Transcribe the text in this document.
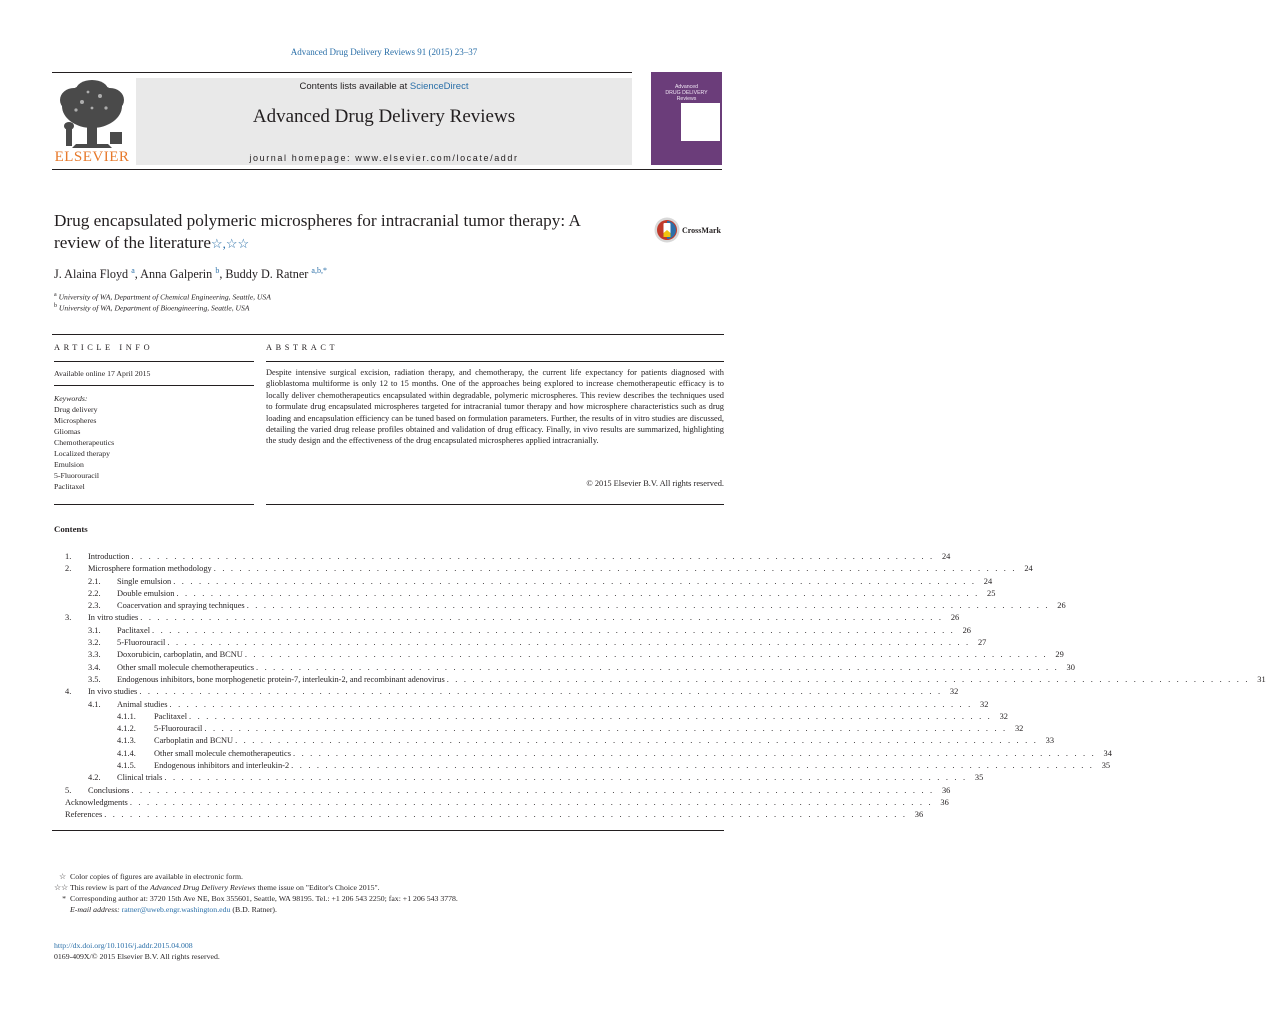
Advanced Drug Delivery Reviews 91 (2015) 23–37
ELSEVIER
Contents lists available at ScienceDirect
Advanced Drug Delivery Reviews
journal homepage: www.elsevier.com/locate/addr
Advanced
DRUG DELIVERY
Reviews
Drug encapsulated polymeric microspheres for intracranial tumor therapy: A review of the literature☆,☆☆
CrossMark
J. Alaina Floyd $^a$, Anna Galperin $^b$, Buddy D. Ratner $^{a,b,*}$
$^a$ University of WA, Department of Chemical Engineering, Seattle, USA
$^b$ University of WA, Department of Bioengineering, Seattle, USA
ARTICLE INFO
Available online 17 April 2015
Keywords:
Drug delivery
Microspheres
Gliomas
Chemotherapeutics
Localized therapy
Emulsion
5-Fluorouracil
Paclitaxel
ABSTRACT
Despite intensive surgical excision, radiation therapy, and chemotherapy, the current life expectancy for patients diagnosed with glioblastoma multiforme is only 12 to 15 months. One of the approaches being explored to increase chemotherapeutic efficacy is to locally deliver chemotherapeutics encapsulated within degradable, polymeric microspheres. This review describes the techniques used to formulate drug encapsulated microspheres targeted for intracranial tumor therapy and how microsphere characteristics such as drug loading and encapsulation efficiency can be tuned based on formulation parameters. Further, the results of in vitro studies are discussed, detailing the varied drug release profiles obtained and validation of drug efficacy. Finally, in vivo results are summarized, highlighting the study design and the effectiveness of the drug encapsulated microspheres applied intracranially.
© 2015 Elsevier B.V. All rights reserved.
Contents
1.	Introduction . . . . . . . . . . . . . . . . . . . . . . . . . . . . . . . . . . . . . . . . . . . . . . . . . . . . . . . . . . . . . . . . . . . . . . . . . . . . . . . . . . . . . . . . . . . . . . 24
2.	Microsphere formation methodology . . . . . . . . . . . . . . . . . . . . . . . . . . . . . . . . . . . . . . . . . . . . . . . . . . . . . . . . . . . . . . . . . . . . . . . . . . . . . . . . . . . . . . . . . . . . . . 24
2.1.	Single emulsion . . . . . . . . . . . . . . . . . . . . . . . . . . . . . . . . . . . . . . . . . . . . . . . . . . . . . . . . . . . . . . . . . . . . . . . . . . . . . . . . . . . . . . . . . . . . . . 24
2.2.	Double emulsion . . . . . . . . . . . . . . . . . . . . . . . . . . . . . . . . . . . . . . . . . . . . . . . . . . . . . . . . . . . . . . . . . . . . . . . . . . . . . . . . . . . . . . . . . . . . . . 25
2.3.	Coacervation and spraying techniques . . . . . . . . . . . . . . . . . . . . . . . . . . . . . . . . . . . . . . . . . . . . . . . . . . . . . . . . . . . . . . . . . . . . . . . . . . . . . . . . . . . . . . . . . . . . . . 26
3.	In vitro studies . . . . . . . . . . . . . . . . . . . . . . . . . . . . . . . . . . . . . . . . . . . . . . . . . . . . . . . . . . . . . . . . . . . . . . . . . . . . . . . . . . . . . . . . . . . . . . 26
3.1.	Paclitaxel . . . . . . . . . . . . . . . . . . . . . . . . . . . . . . . . . . . . . . . . . . . . . . . . . . . . . . . . . . . . . . . . . . . . . . . . . . . . . . . . . . . . . . . . . . . . . . 26
3.2.	5-Fluorouracil . . . . . . . . . . . . . . . . . . . . . . . . . . . . . . . . . . . . . . . . . . . . . . . . . . . . . . . . . . . . . . . . . . . . . . . . . . . . . . . . . . . . . . . . . . . . . . 27
3.3.	Doxorubicin, carboplatin, and BCNU . . . . . . . . . . . . . . . . . . . . . . . . . . . . . . . . . . . . . . . . . . . . . . . . . . . . . . . . . . . . . . . . . . . . . . . . . . . . . . . . . . . . . . . . . . . . . . 29
3.4.	Other small molecule chemotherapeutics . . . . . . . . . . . . . . . . . . . . . . . . . . . . . . . . . . . . . . . . . . . . . . . . . . . . . . . . . . . . . . . . . . . . . . . . . . . . . . . . . . . . . . . . . . . . . . 30
3.5.	Endogenous inhibitors, bone morphogenetic protein-7, interleukin-2, and recombinant adenovirus . . . . . . . . . . . . . . . . . . . . . . . . . . . . . . . . . . . . . . . . . . . . . . . . . . . . . . . . . . . . . . . . . . . . . . . . . . . . . . . . . . . . . . . . . . . . . . 31
4.	In vivo studies . . . . . . . . . . . . . . . . . . . . . . . . . . . . . . . . . . . . . . . . . . . . . . . . . . . . . . . . . . . . . . . . . . . . . . . . . . . . . . . . . . . . . . . . . . . . . . 32
4.1.	Animal studies . . . . . . . . . . . . . . . . . . . . . . . . . . . . . . . . . . . . . . . . . . . . . . . . . . . . . . . . . . . . . . . . . . . . . . . . . . . . . . . . . . . . . . . . . . . . . . 32
4.1.1.	Paclitaxel . . . . . . . . . . . . . . . . . . . . . . . . . . . . . . . . . . . . . . . . . . . . . . . . . . . . . . . . . . . . . . . . . . . . . . . . . . . . . . . . . . . . . . . . . . . . . . 32
4.1.2.	5-Fluorouracil . . . . . . . . . . . . . . . . . . . . . . . . . . . . . . . . . . . . . . . . . . . . . . . . . . . . . . . . . . . . . . . . . . . . . . . . . . . . . . . . . . . . . . . . . . . . . . 32
4.1.3.	Carboplatin and BCNU . . . . . . . . . . . . . . . . . . . . . . . . . . . . . . . . . . . . . . . . . . . . . . . . . . . . . . . . . . . . . . . . . . . . . . . . . . . . . . . . . . . . . . . . . . . . . . 33
4.1.4.	Other small molecule chemotherapeutics . . . . . . . . . . . . . . . . . . . . . . . . . . . . . . . . . . . . . . . . . . . . . . . . . . . . . . . . . . . . . . . . . . . . . . . . . . . . . . . . . . . . . . . . . . . . . . 34
4.1.5.	Endogenous inhibitors and interleukin-2 . . . . . . . . . . . . . . . . . . . . . . . . . . . . . . . . . . . . . . . . . . . . . . . . . . . . . . . . . . . . . . . . . . . . . . . . . . . . . . . . . . . . . . . . . . . . . . 35
4.2.	Clinical trials . . . . . . . . . . . . . . . . . . . . . . . . . . . . . . . . . . . . . . . . . . . . . . . . . . . . . . . . . . . . . . . . . . . . . . . . . . . . . . . . . . . . . . . . . . . . . . 35
5.	Conclusions . . . . . . . . . . . . . . . . . . . . . . . . . . . . . . . . . . . . . . . . . . . . . . . . . . . . . . . . . . . . . . . . . . . . . . . . . . . . . . . . . . . . . . . . . . . . . . 36
Acknowledgments . . . . . . . . . . . . . . . . . . . . . . . . . . . . . . . . . . . . . . . . . . . . . . . . . . . . . . . . . . . . . . . . . . . . . . . . . . . . . . . . . . . . . . . . . . . . . . 36
References . . . . . . . . . . . . . . . . . . . . . . . . . . . . . . . . . . . . . . . . . . . . . . . . . . . . . . . . . . . . . . . . . . . . . . . . . . . . . . . . . . . . . . . . . . . . . . 36
☆ Color copies of figures are available in electronic form.
☆☆ This review is part of the Advanced Drug Delivery Reviews theme issue on "Editor's Choice 2015".
* Corresponding author at: 3720 15th Ave NE, Box 355601, Seattle, WA 98195. Tel.: +1 206 543 2250; fax: +1 206 543 3778.
E-mail address: ratner@uweb.engr.washington.edu (B.D. Ratner).
http://dx.doi.org/10.1016/j.addr.2015.04.008
0169-409X/© 2015 Elsevier B.V. All rights reserved.
